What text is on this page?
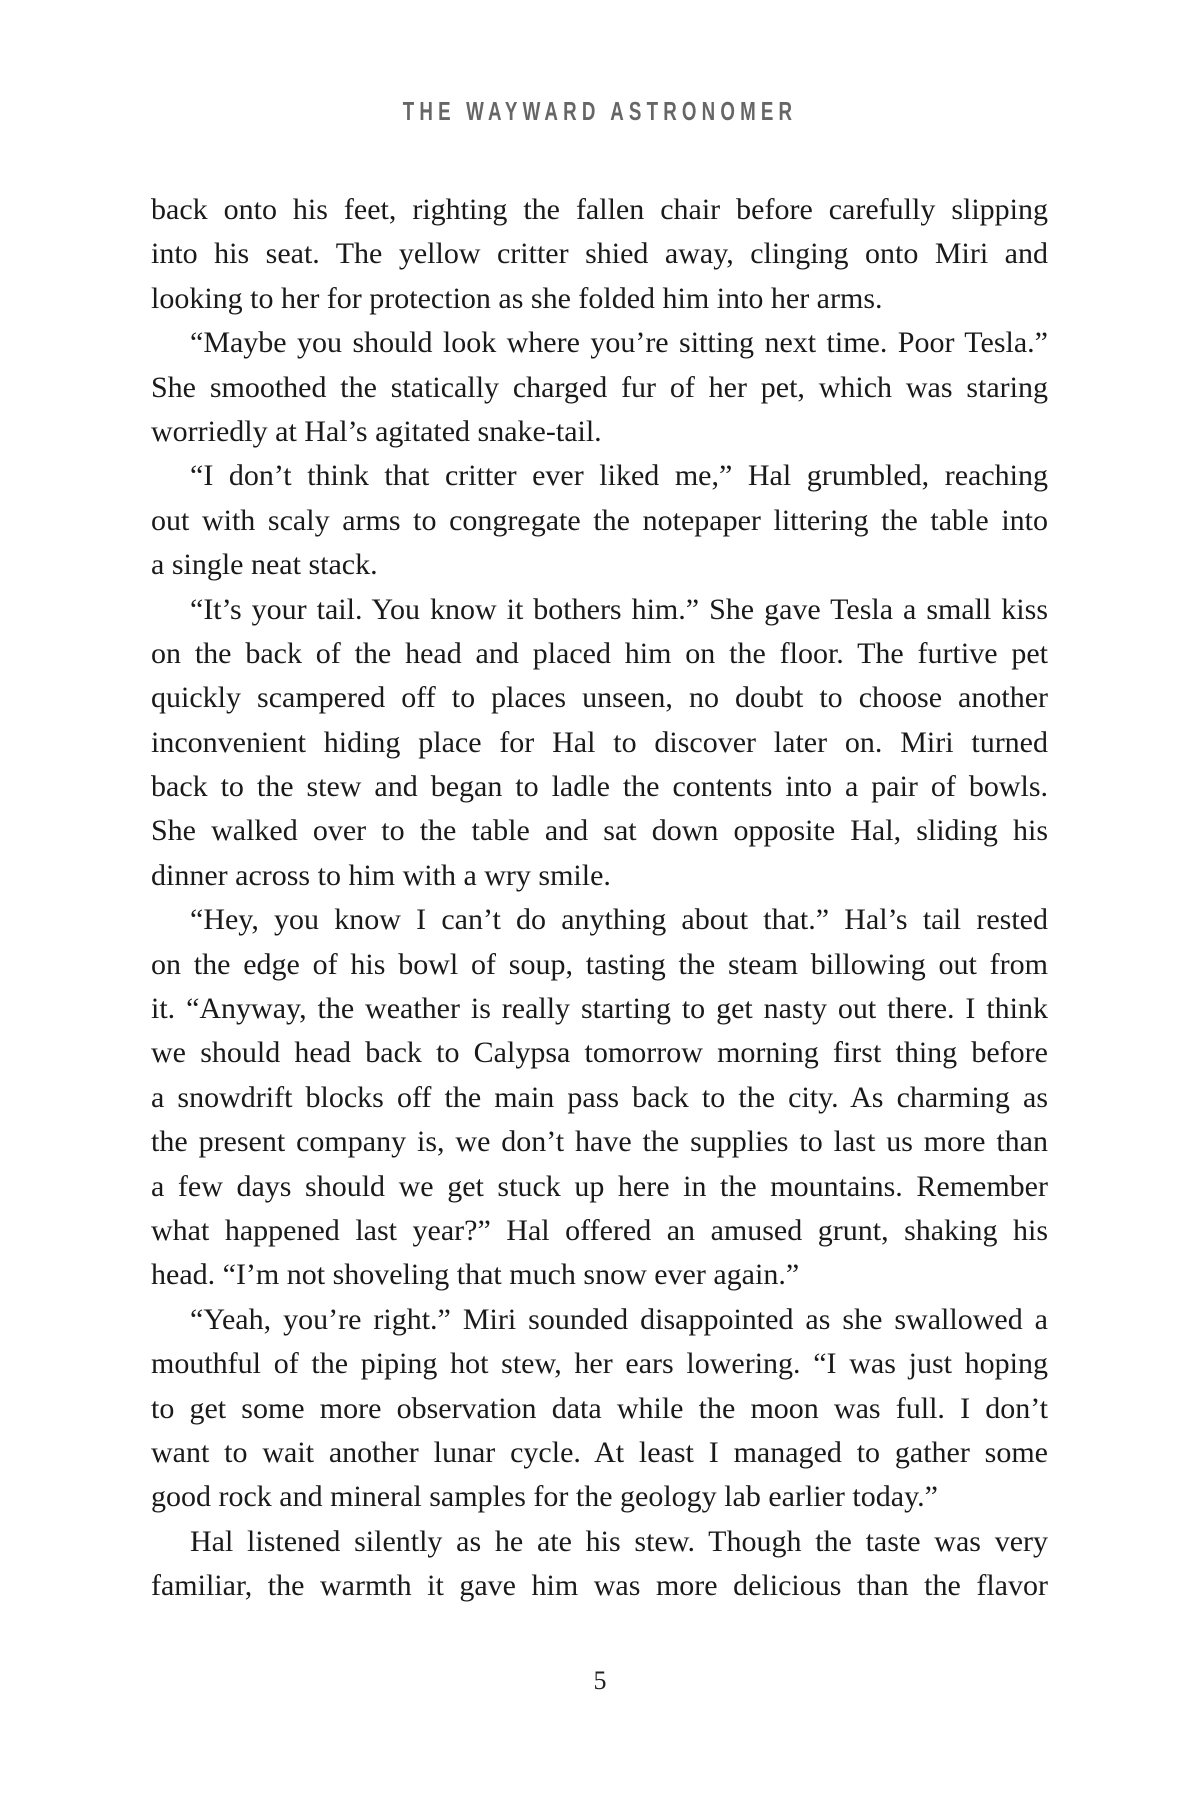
THE WAYWARD ASTRONOMER
back onto his feet, righting the fallen chair before carefully slipping
into his seat. The yellow critter shied away, clinging onto Miri and
looking to her for protection as she folded him into her arms.
“Maybe you should look where you’re sitting next time. Poor Tesla.”
She smoothed the statically charged fur of her pet, which was staring
worriedly at Hal’s agitated snake-tail.
“I don’t think that critter ever liked me,” Hal grumbled, reaching
out with scaly arms to congregate the notepaper littering the table into
a single neat stack.
“It’s your tail. You know it bothers him.” She gave Tesla a small kiss
on the back of the head and placed him on the floor. The furtive pet
quickly scampered off to places unseen, no doubt to choose another
inconvenient hiding place for Hal to discover later on. Miri turned
back to the stew and began to ladle the contents into a pair of bowls.
She walked over to the table and sat down opposite Hal, sliding his
dinner across to him with a wry smile.
“Hey, you know I can’t do anything about that.” Hal’s tail rested
on the edge of his bowl of soup, tasting the steam billowing out from
it. “Anyway, the weather is really starting to get nasty out there. I think
we should head back to Calypsa tomorrow morning first thing before
a snowdrift blocks off the main pass back to the city. As charming as
the present company is, we don’t have the supplies to last us more than
a few days should we get stuck up here in the mountains. Remember
what happened last year?” Hal offered an amused grunt, shaking his
head. “I’m not shoveling that much snow ever again.”
“Yeah, you’re right.” Miri sounded disappointed as she swallowed a
mouthful of the piping hot stew, her ears lowering. “I was just hoping
to get some more observation data while the moon was full. I don’t
want to wait another lunar cycle. At least I managed to gather some
good rock and mineral samples for the geology lab earlier today.”
Hal listened silently as he ate his stew. Though the taste was very
familiar, the warmth it gave him was more delicious than the flavor
5
